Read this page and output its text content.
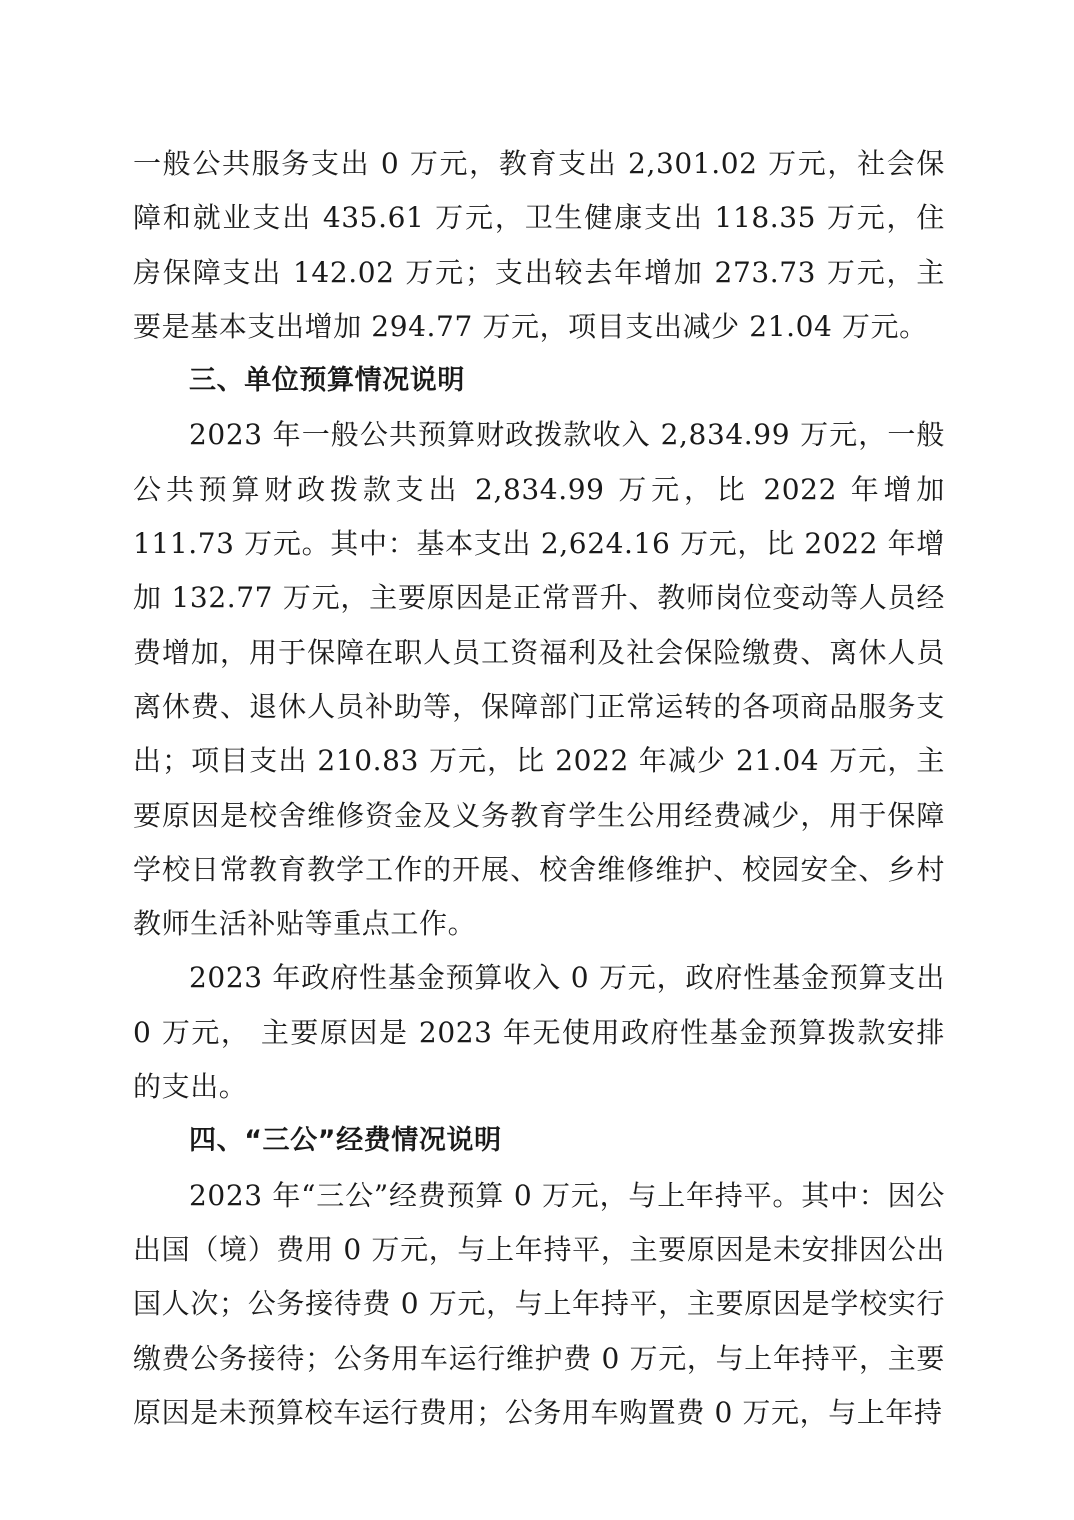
一般公共服务支出 0 万元，教育支出 2,301.02 万元，社会保障和就业支出 435.61 万元，卫生健康支出 118.35 万元，住房保障支出 142.02 万元；支出较去年增加 273.73 万元，主要是基本支出增加 294.77 万元，项目支出减少 21.04 万元。

三、单位预算情况说明

2023 年一般公共预算财政拨款收入 2,834.99 万元，一般公共预算财政拨款支出 2,834.99 万元，比 2022 年增加 111.73 万元。其中：基本支出 2,624.16 万元，比 2022 年增加 132.77 万元，主要原因是正常晋升、教师岗位变动等人员经费增加，用于保障在职人员工资福利及社会保险缴费、离休人员离休费、退休人员补助等，保障部门正常运转的各项商品服务支出；项目支出 210.83 万元，比 2022 年减少 21.04 万元，主要原因是校舍维修资金及义务教育学生公用经费减少，用于保障学校日常教育教学工作的开展、校舍维修维护、校园安全、乡村教师生活补贴等重点工作。

2023 年政府性基金预算收入 0 万元，政府性基金预算支出 0 万元， 主要原因是 2023 年无使用政府性基金预算拨款安排的支出。

四、“三公”经费情况说明

2023 年“三公”经费预算 0 万元，与上年持平。其中：因公出国（境）费用 0 万元，与上年持平，主要原因是未安排因公出国人次；公务接待费 0 万元，与上年持平，主要原因是学校实行缴费公务接待；公务用车运行维护费 0 万元，与上年持平，主要原因是未预算校车运行费用；公务用车购置费 0 万元，与上年持
